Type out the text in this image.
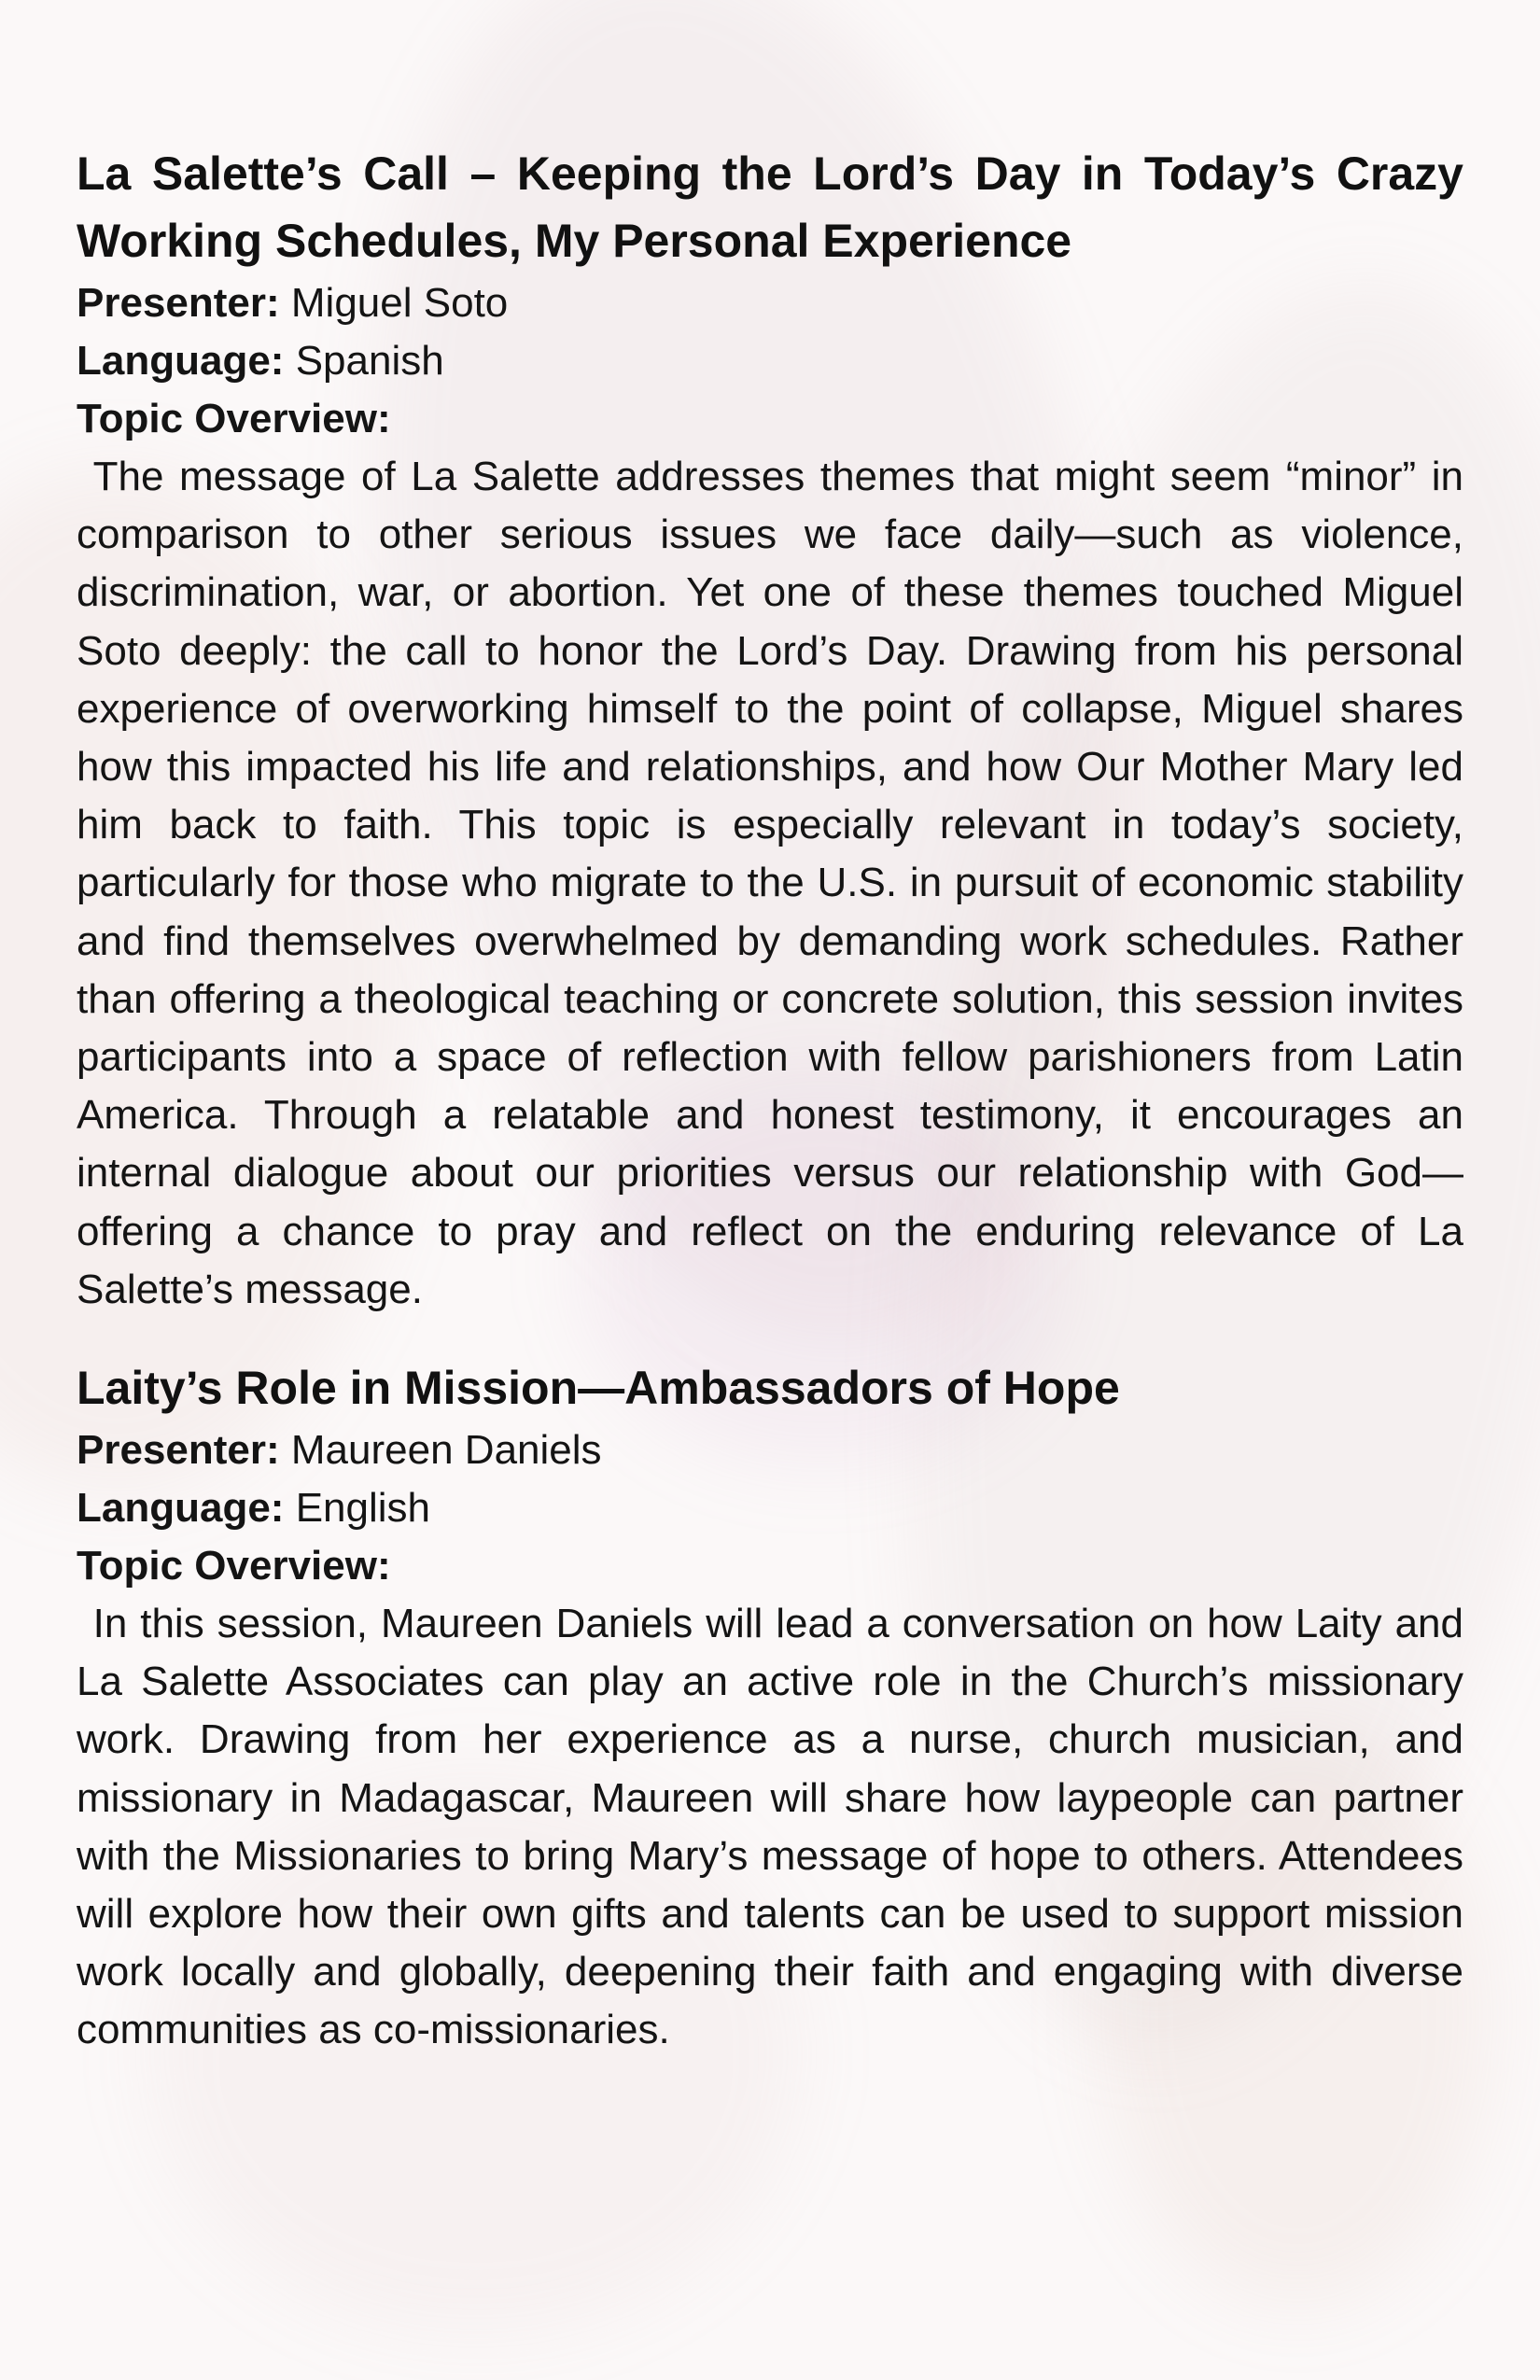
La Salette’s Call – Keeping the Lord’s Day in Today’s Crazy Working Schedules, My Personal Experience

Presenter: Miguel Soto

Language: Spanish

Topic Overview:

The message of La Salette addresses themes that might seem “minor” in comparison to other serious issues we face daily—such as violence, discrimination, war, or abortion. Yet one of these themes touched Miguel Soto deeply: the call to honor the Lord’s Day. Drawing from his personal experience of overworking himself to the point of collapse, Miguel shares how this impacted his life and relationships, and how Our Mother Mary led him back to faith. This topic is especially relevant in today’s society, particularly for those who migrate to the U.S. in pursuit of economic stability and find themselves overwhelmed by demanding work schedules. Rather than offering a theological teaching or concrete solution, this session invites participants into a space of reflection with fellow parishioners from Latin America. Through a relatable and honest testimony, it encourages an internal dialogue about our priorities versus our relationship with God—offering a chance to pray and reflect on the enduring relevance of La Salette’s message.

Laity’s Role in Mission—Ambassadors of Hope

Presenter: Maureen Daniels

Language: English

Topic Overview:

In this session, Maureen Daniels will lead a conversation on how Laity and La Salette Associates can play an active role in the Church’s missionary work. Drawing from her experience as a nurse, church musician, and missionary in Madagascar, Maureen will share how laypeople can partner with the Missionaries to bring Mary’s message of hope to others. Attendees will explore how their own gifts and talents can be used to support mission work locally and globally, deepening their faith and engaging with diverse communities as co-missionaries.
